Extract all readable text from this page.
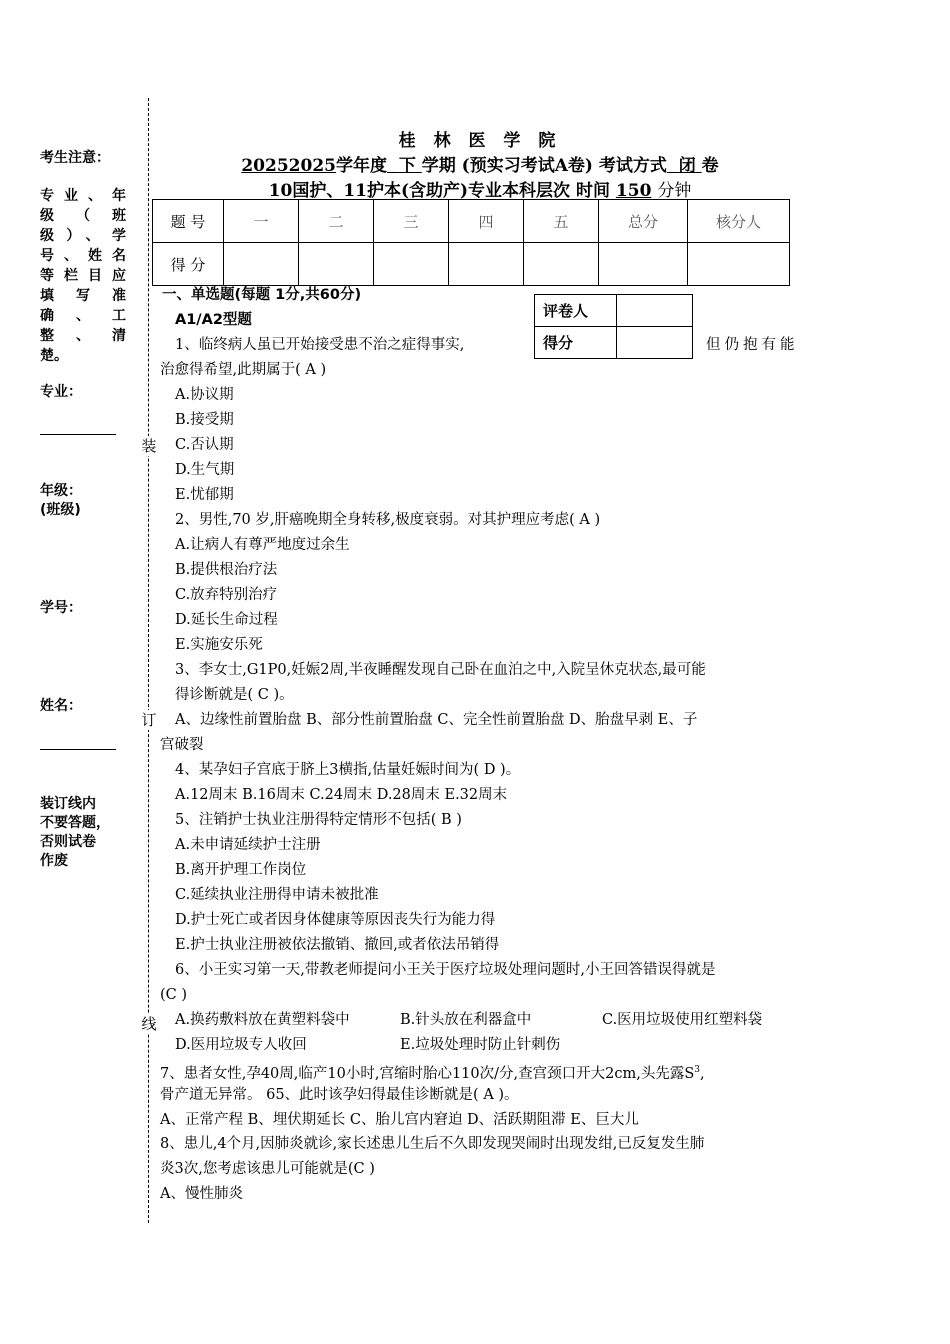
考生注意：
专业、年
级（班
级）、学
号、姓名
等栏目应
填写准
确、工
整、清
楚。
专业：
年级：
(班级)
学号：
姓名：
装订线内
不要答题，
否则试卷
作废
装
订
线
桂 林 医 学 院
20252025学年度 下 学期 (预实习考试A卷) 考试方式 闭 卷
10国护、11护本(含助产)专业本科层次 时间 150 分钟
题 号	一	二	三	四	五	总分	核分人
得 分							
一、单选题(每题 1分,共60分)
A1/A2型题	评卷人	
得分	
1、临终病人虽已开始接受患不治之症得事实,	但仍抱有能
治愈得希望,此期属于( A )
A.协议期
B.接受期
C.否认期
D.生气期
E.忧郁期
2、男性,70 岁,肝癌晚期全身转移,极度衰弱。对其护理应考虑( A )
A.让病人有尊严地度过余生
B.提供根治疗法
C.放弃特别治疗
D.延长生命过程
E.实施安乐死
3、李女士,G1P0,妊娠2周,半夜睡醒发现自己卧在血泊之中,入院呈休克状态,最可能
得诊断就是( C )。
A、边缘性前置胎盘 B、部分性前置胎盘 C、完全性前置胎盘 D、胎盘早剥 E、子
宫破裂
4、某孕妇子宫底于脐上3横指,估量妊娠时间为( D )。
A.12周末 B.16周末 C.24周末 D.28周末 E.32周末
5、注销护士执业注册得特定情形不包括( B )
A.未申请延续护士注册
B.离开护理工作岗位
C.延续执业注册得申请未被批准
D.护士死亡或者因身体健康等原因丧失行为能力得
E.护士执业注册被依法撤销、撤回,或者依法吊销得
6、小王实习第一天,带教老师提问小王关于医疗垃圾处理问题时,小王回答错误得就是
(C )
A.换药敷料放在黄塑料袋中	B.针头放在利器盒中	C.医用垃圾使用红塑料袋
D.医用垃圾专人收回	E.垃圾处理时防止针刺伤
7、患者女性,孕40周,临产10小时,宫缩时胎心110次/分,查宫颈口开大2cm,头先露$S^3$,
骨产道无异常。 65、此时该孕妇得最佳诊断就是( A )。
A、正常产程 B、埋伏期延长 C、胎儿宫内窘迫 D、活跃期阻滞 E、巨大儿
8、患儿,4个月,因肺炎就诊,家长述患儿生后不久即发现哭闹时出现发绀,已反复发生肺
炎3次,您考虑该患儿可能就是(C )
A、慢性肺炎
